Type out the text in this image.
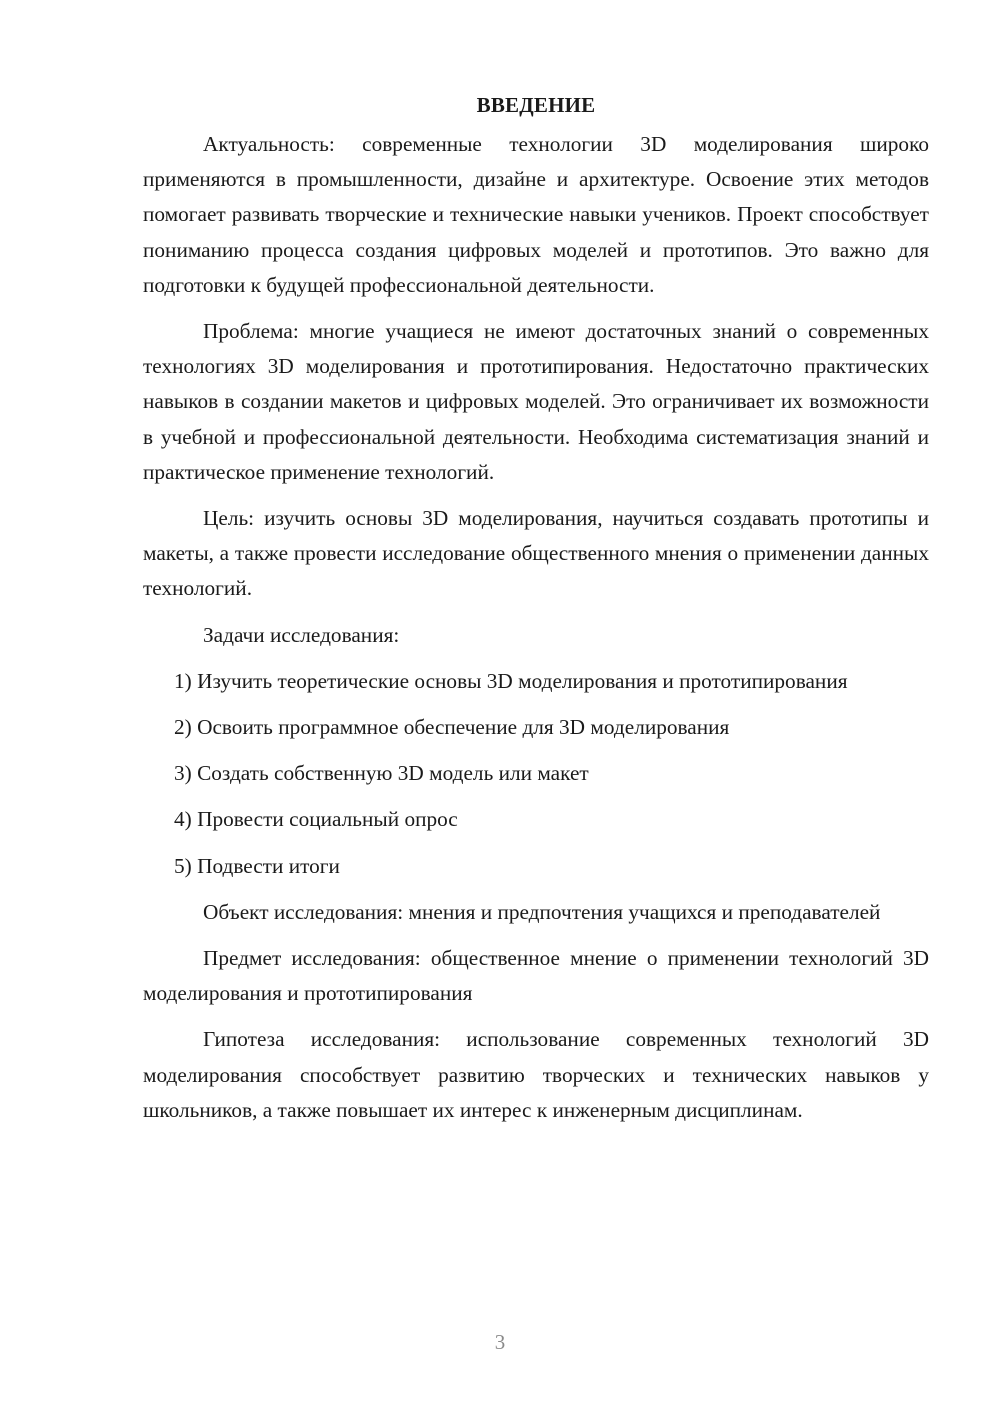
ВВЕДЕНИЕ

Актуальность: современные технологии 3D моделирования широко применяются в промышленности, дизайне и архитектуре. Освоение этих методов помогает развивать творческие и технические навыки учеников. Проект способствует пониманию процесса создания цифровых моделей и прототипов. Это важно для подготовки к будущей профессиональной деятельности.

Проблема: многие учащиеся не имеют достаточных знаний о современных технологиях 3D моделирования и прототипирования. Недостаточно практических навыков в создании макетов и цифровых моделей. Это ограничивает их возможности в учебной и профессиональной деятельности. Необходима систематизация знаний и практическое применение технологий.

Цель: изучить основы 3D моделирования, научиться создавать прототипы и макеты, а также провести исследование общественного мнения о применении данных технологий.

Задачи исследования:

1) Изучить теоретические основы 3D моделирования и прототипирования

2) Освоить программное обеспечение для 3D моделирования

3) Создать собственную 3D модель или макет

4) Провести социальный опрос

5) Подвести итоги

Объект исследования: мнения и предпочтения учащихся и преподавателей

Предмет исследования: общественное мнение о применении технологий 3D моделирования и прототипирования

Гипотеза исследования: использование современных технологий 3D моделирования способствует развитию творческих и технических навыков у школьников, а также повышает их интерес к инженерным дисциплинам.

3
